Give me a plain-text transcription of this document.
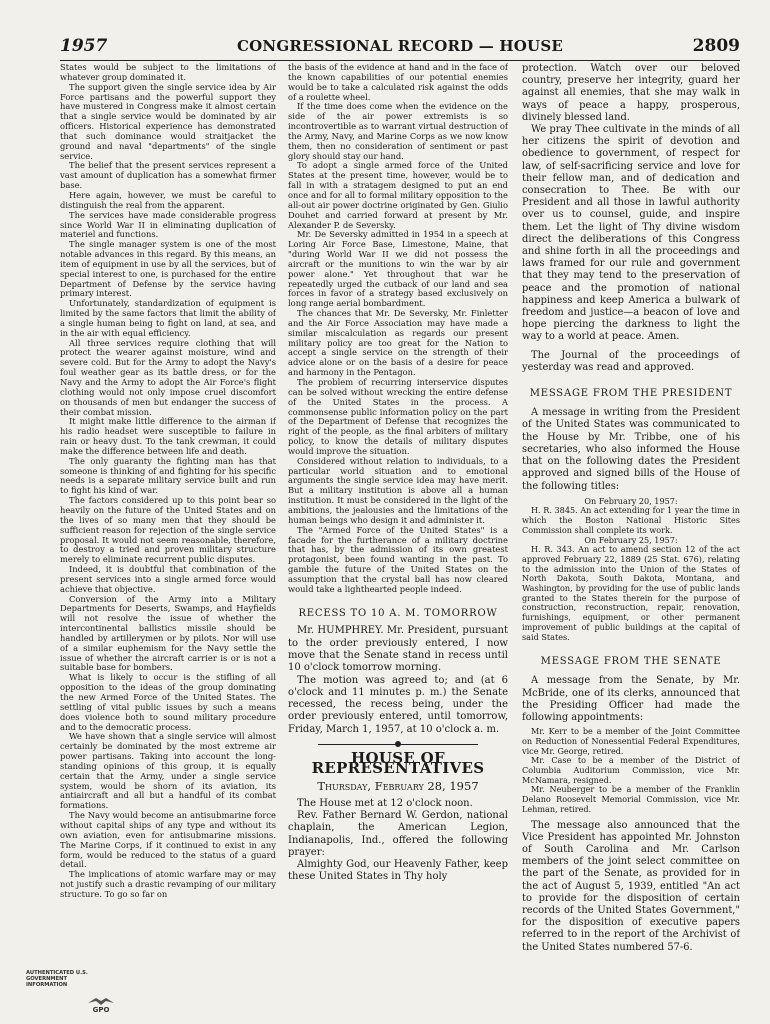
1957	CONGRESSIONAL RECORD — HOUSE	2809

States would be subject to the limitations of whatever group dominated it.

The support given the single service idea by Air Force partisans and the powerful support they have mustered in Congress make it almost certain that a single service would be dominated by air officers. Historical experience has demonstrated that such dominance would straitjacket the ground and naval "departments" of the single service.

The belief that the present services represent a vast amount of duplication has a somewhat firmer base.

Here again, however, we must be careful to distinguish the real from the apparent.

The services have made considerable progress since World War II in eliminating duplication of materiel and functions.

The single manager system is one of the most notable advances in this regard. By this means, an item of equipment in use by all the services, but of special interest to one, is purchased for the entire Department of Defense by the service having primary interest.

Unfortunately, standardization of equipment is limited by the same factors that limit the ability of a single human being to fight on land, at sea, and in the air with equal efficiency.

All three services require clothing that will protect the wearer against moisture, wind and severe cold. But for the Army to adopt the Navy's foul weather gear as its battle dress, or for the Navy and the Army to adopt the Air Force's flight clothing would not only impose cruel discomfort on thousands of men but endanger the success of their combat mission.

It might make little difference to the airman if his radio headset were susceptible to failure in rain or heavy dust. To the tank crewman, it could make the difference between life and death.

The only guaranty the fighting man has that someone is thinking of and fighting for his specific needs is a separate military service built and run to fight his kind of war.

The factors considered up to this point bear so heavily on the future of the United States and on the lives of so many men that they should be sufficient reason for rejection of the single service proposal. It would not seem reasonable, therefore, to destroy a tried and proven military structure merely to eliminate recurrent public disputes.

Indeed, it is doubtful that combination of the present services into a single armed force would achieve that objective.

Conversion of the Army into a Military Departments for Deserts, Swamps, and Hayfields will not resolve the issue of whether the intercontinental ballistics missile should be handled by artillerymen or by pilots. Nor will use of a similar euphemism for the Navy settle the issue of whether the aircraft carrier is or is not a suitable base for bombers.

What is likely to occur is the stifling of all opposition to the ideas of the group dominating the new Armed Force of the United States. The settling of vital public issues by such a means does violence both to sound military procedure and to the democratic process.

We have shown that a single service will almost certainly be dominated by the most extreme air power partisans. Taking into account the long-standing opinions of this group, it is equally certain that the Army, under a single service system, would be shorn of its aviation, its antiaircraft and all but a handful of its combat formations.

The Navy would become an antisubmarine force without capital ships of any type and without its own aviation, even for antisubmarine missions. The Marine Corps, if it continued to exist in any form, would be reduced to the status of a guard detail.

The implications of atomic warfare may or may not justify such a drastic revamping of our military structure. To go so far on

the basis of the evidence at hand and in the face of the known capabilities of our potential enemies would be to take a calculated risk against the odds of a roulette wheel.

If the time does come when the evidence on the side of the air power extremists is so incontrovertible as to warrant virtual destruction of the Army, Navy, and Marine Corps as we now know them, then no consideration of sentiment or past glory should stay our hand.

To adopt a single armed force of the United States at the present time, however, would be to fall in with a stratagem designed to put an end once and for all to formal military opposition to the all-out air power doctrine originated by Gen. Giulio Douhet and carried forward at present by Mr. Alexander P. de Seversky.

Mr. De Seversky admitted in 1954 in a speech at Loring Air Force Base, Limestone, Maine, that "during World War II we did not possess the aircraft or the munitions to win the war by air power alone." Yet throughout that war he repeatedly urged the cutback of our land and sea forces in favor of a strategy based exclusively on long range aerial bombardment.

The chances that Mr. De Seversky, Mr. Finletter and the Air Force Association may have made a similar miscalculation as regards our present military policy are too great for the Nation to accept a single service on the strength of their advice alone or on the basis of a desire for peace and harmony in the Pentagon.

The problem of recurring interservice disputes can be solved without wrecking the entire defense of the United States in the process. A commonsense public information policy on the part of the Department of Defense that recognizes the right of the people, as the final arbiters of military policy, to know the details of military disputes would improve the situation.

Considered without relation to individuals, to a particular world situation and to emotional arguments the single service idea may have merit. But a military institution is above all a human institution. It must be considered in the light of the ambitions, the jealousies and the limitations of the human beings who design it and administer it.

The "Armed Force of the United States" is a facade for the furtherance of a military doctrine that has, by the admission of its own greatest protagonist, been found wanting in the past. To gamble the future of the United States on the assumption that the crystal ball has now cleared would take a lighthearted people indeed.

RECESS TO 10 A. M. TOMORROW

Mr. HUMPHREY. Mr. President, pursuant to the order previously entered, I now move that the Senate stand in recess until 10 o'clock tomorrow morning.

The motion was agreed to; and (at 6 o'clock and 11 minutes p. m.) the Senate recessed, the recess being, under the order previously entered, until tomorrow, Friday, March 1, 1957, at 10 o'clock a. m.

HOUSE OF REPRESENTATIVES
Thursday, February 28, 1957

The House met at 12 o'clock noon.

Rev. Father Bernard W. Gerdon, national chaplain, the American Legion, Indianapolis, Ind., offered the following prayer:

Almighty God, our Heavenly Father, keep these United States in Thy holy

protection. Watch over our beloved country, preserve her integrity, guard her against all enemies, that she may walk in ways of peace a happy, prosperous, divinely blessed land.

We pray Thee cultivate in the minds of all her citizens the spirit of devotion and obedience to government, of respect for law, of self-sacrificing service and love for their fellow man, and of dedication and consecration to Thee. Be with our President and all those in lawful authority over us to counsel, guide, and inspire them. Let the light of Thy divine wisdom direct the deliberations of this Congress and shine forth in all the proceedings and laws framed for our rule and government that they may tend to the preservation of peace and the promotion of national happiness and keep America a bulwark of freedom and justice—a beacon of love and hope piercing the darkness to light the way to a world at peace. Amen.

The Journal of the proceedings of yesterday was read and approved.

MESSAGE FROM THE PRESIDENT

A message in writing from the President of the United States was communicated to the House by Mr. Tribbe, one of his secretaries, who also informed the House that on the following dates the President approved and signed bills of the House of the following titles:

On February 20, 1957:

H. R. 3845. An act extending for 1 year the time in which the Boston National Historic Sites Commission shall complete its work.

On February 25, 1957:

H. R. 343. An act to amend section 12 of the act approved February 22, 1889 (25 Stat. 676), relating to the admission into the Union of the States of North Dakota, South Dakota, Montana, and Washington, by providing for the use of public lands granted to the States therein for the purpose of construction, reconstruction, repair, renovation, furnishings, equipment, or other permanent improvement of public buildings at the capital of said States.

MESSAGE FROM THE SENATE

A message from the Senate, by Mr. McBride, one of its clerks, announced that the Presiding Officer had made the following appointments:

Mr. Kerr to be a member of the Joint Committee on Reduction of Nonessential Federal Expenditures, vice Mr. George, retired.

Mr. Case to be a member of the District of Columbia Auditorium Commission, vice Mr. McNamara, resigned.

Mr. Neuberger to be a member of the Franklin Delano Roosevelt Memorial Commission, vice Mr. Lehman, retired.

The message also announced that the Vice President has appointed Mr. Johnston of South Carolina and Mr. Carlson members of the joint select committee on the part of the Senate, as provided for in the act of August 5, 1939, entitled "An act to provide for the disposition of certain records of the United States Government," for the disposition of executive papers referred to in the report of the Archivist of the United States numbered 57-6.

AUTHENTICATED U.S. GOVERNMENT INFORMATION
GPO
